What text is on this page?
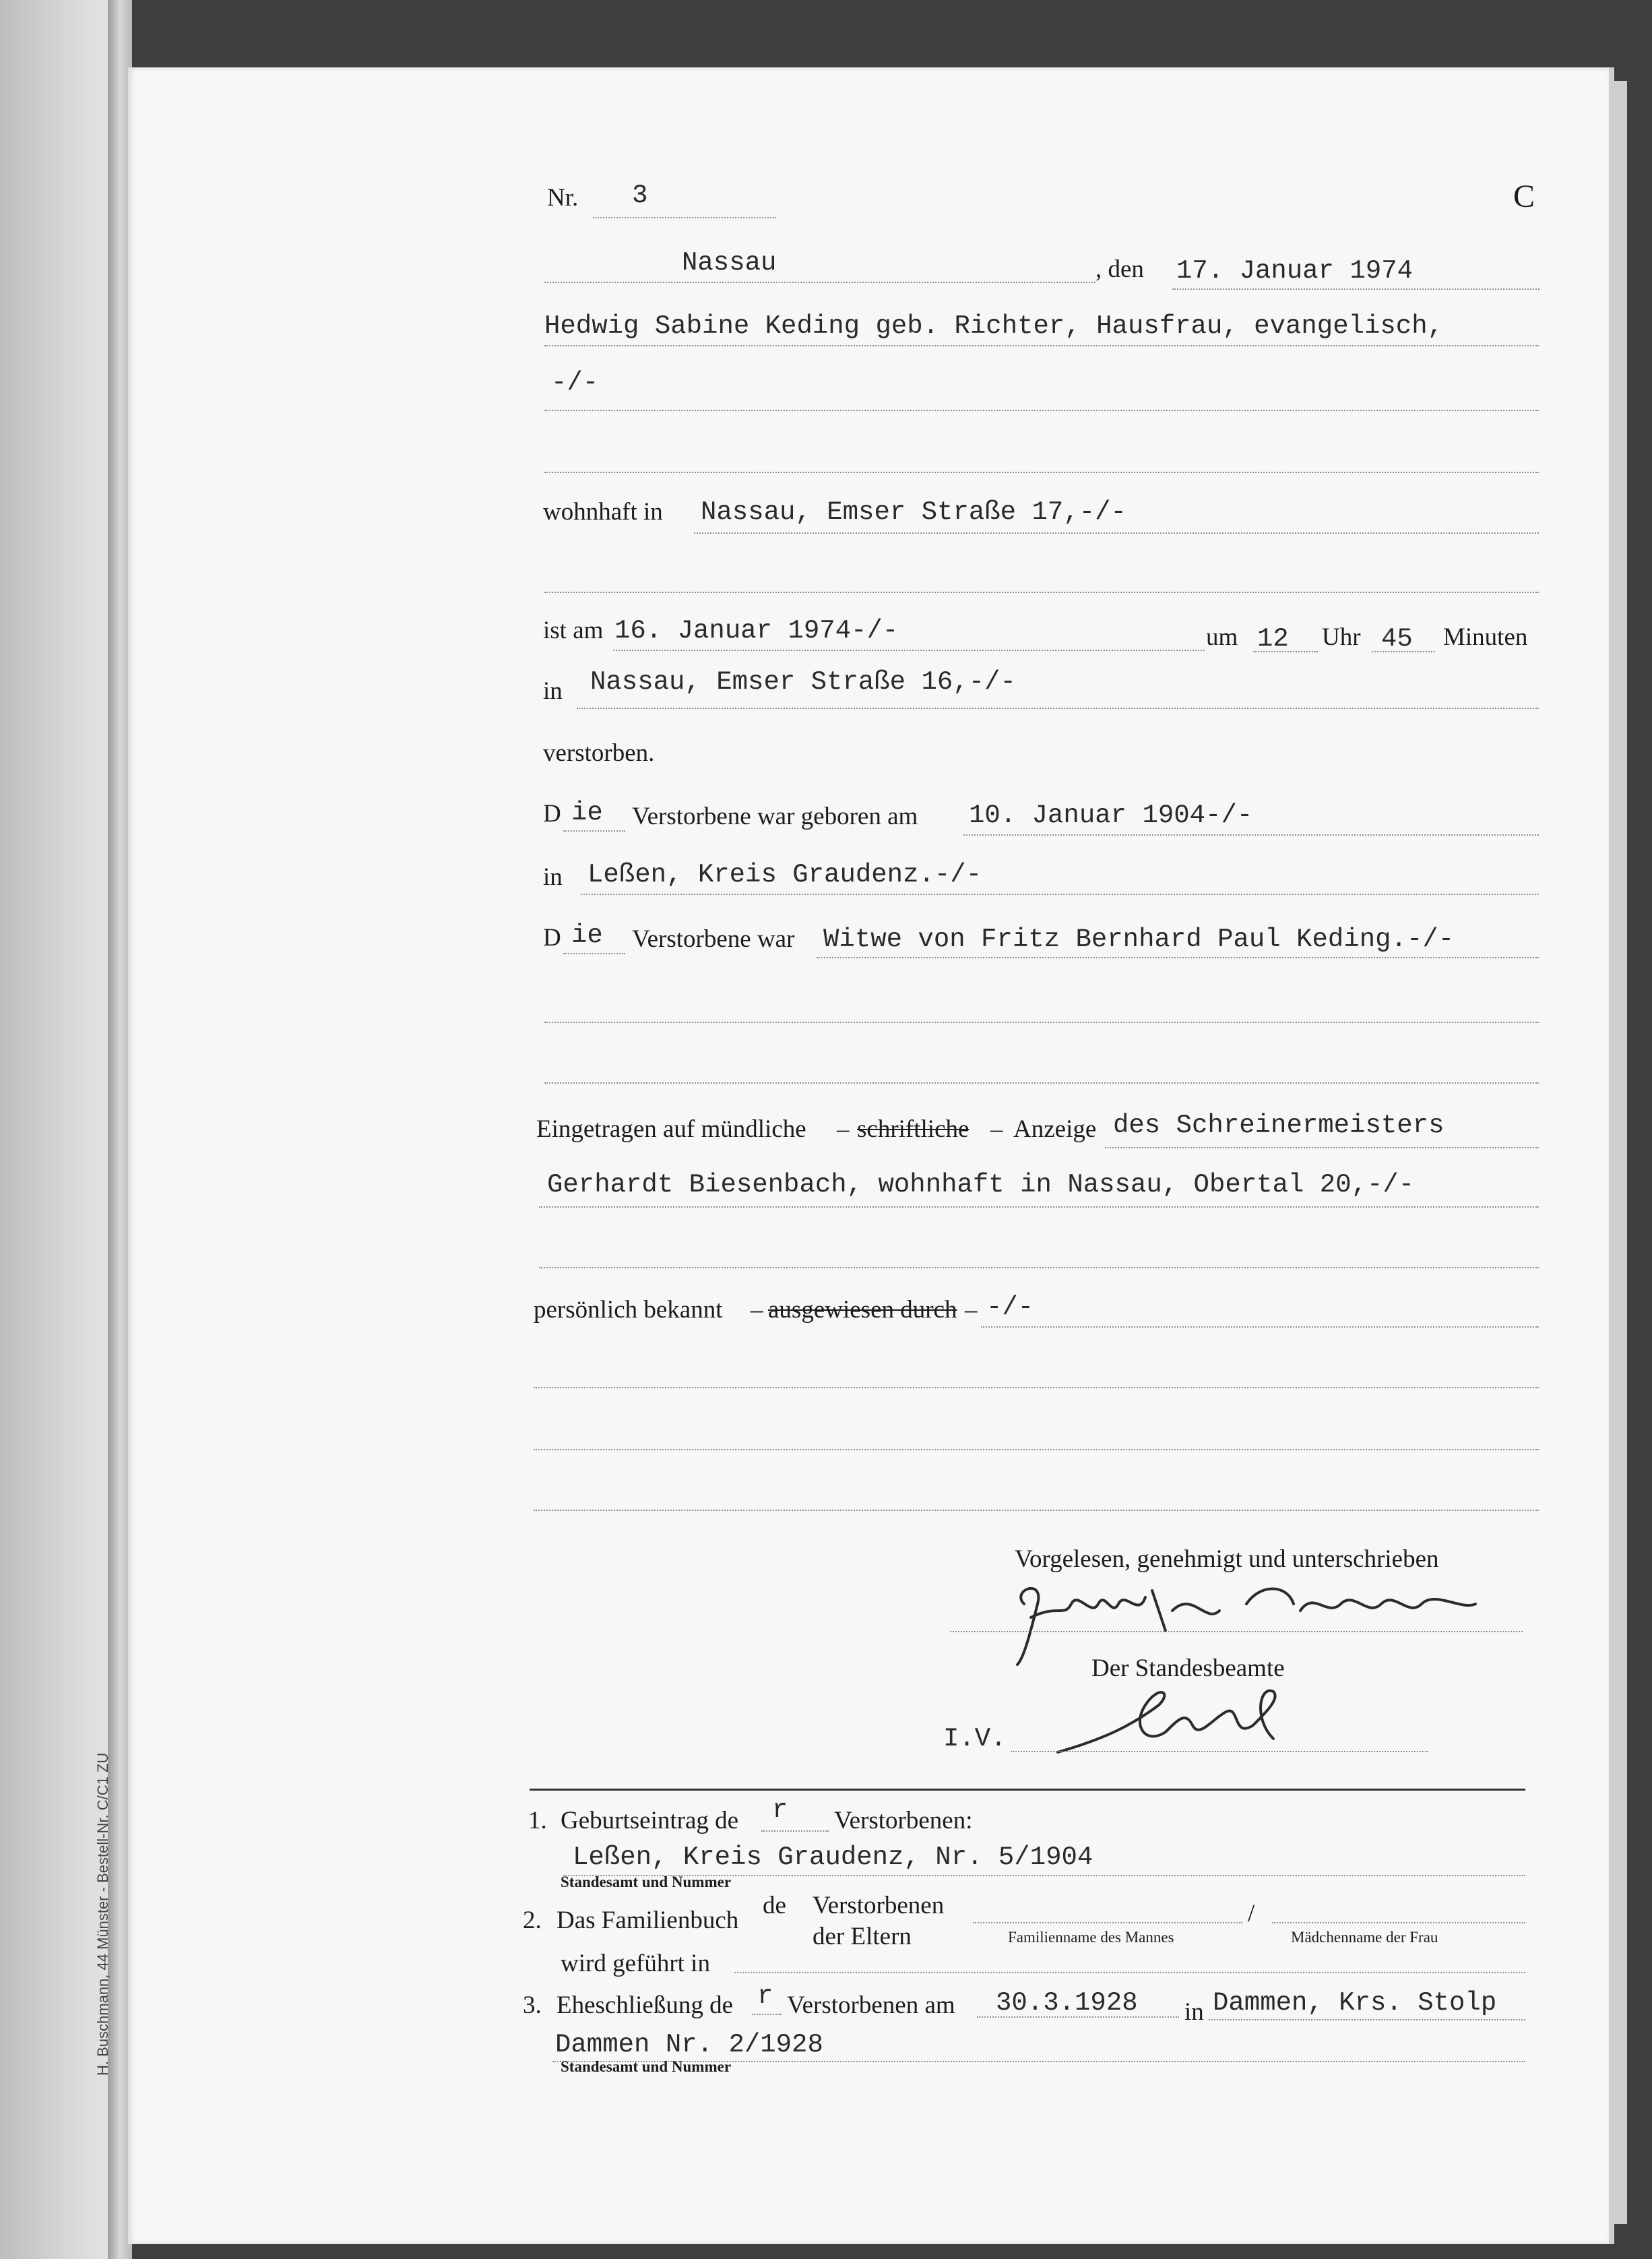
H. Buschmann, 44 Münster - Bestell-Nr. C/C1 ZU
Nr. 3	C
Nassau	, den 17. Januar 1974
Hedwig Sabine Keding geb. Richter, Hausfrau, evangelisch,
-/-
wohnhaft in Nassau, Emser Straße 17,-/-
ist am 16. Januar 1974-/-	um 12 Uhr 45 Minuten
in Nassau, Emser Straße 16,-/-
verstorben.
D ie Verstorbene war geboren am 10. Januar 1904-/-
in Leßen, Kreis Graudenz.-/-
D ie Verstorbene war Witwe von Fritz Bernhard Paul Keding.-/-
Eingetragen auf mündliche – schriftliche – Anzeige des Schreinermeisters
Gerhardt Biesenbach, wohnhaft in Nassau, Obertal 20,-/-
persönlich bekannt – ausgewiesen durch – -/-
Vorgelesen, genehmigt und unterschrieben
Der Standesbeamte
I.V.
1. Geburtseintrag de r Verstorbenen:
Leßen, Kreis Graudenz, Nr. 5/1904
Standesamt und Nummer
2. Das Familienbuch
de Verstorbenen
der Eltern
/
Familienname des Mannes	Mädchenname der Frau
wird geführt in
3. Eheschließung de r Verstorbenen am 30.3.1928 in Dammen, Krs. Stolp
Dammen Nr. 2/1928
Standesamt und Nummer
